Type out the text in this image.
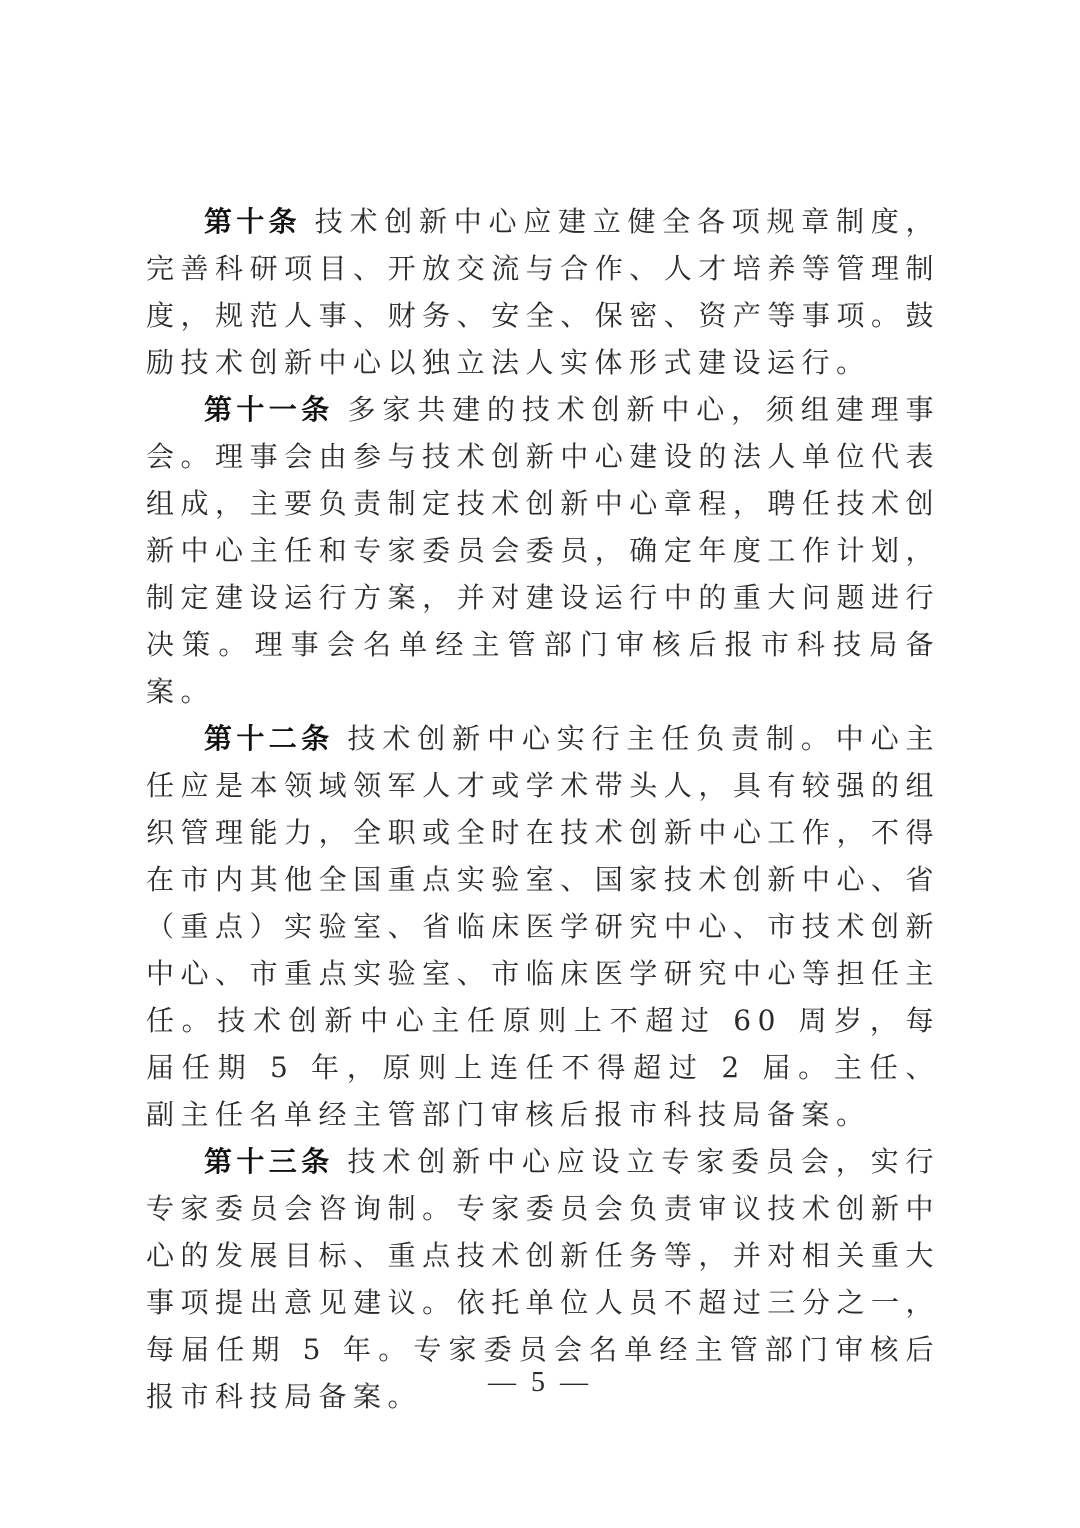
第十条 技术创新中心应建立健全各项规章制度，完善科研项目、开放交流与合作、人才培养等管理制度，规范人事、财务、安全、保密、资产等事项。鼓励技术创新中心以独立法人实体形式建设运行。

第十一条 多家共建的技术创新中心，须组建理事会。理事会由参与技术创新中心建设的法人单位代表组成，主要负责制定技术创新中心章程，聘任技术创新中心主任和专家委员会委员，确定年度工作计划，制定建设运行方案，并对建设运行中的重大问题进行决策。理事会名单经主管部门审核后报市科技局备案。

第十二条 技术创新中心实行主任负责制。中心主任应是本领域领军人才或学术带头人，具有较强的组织管理能力，全职或全时在技术创新中心工作，不得在市内其他全国重点实验室、国家技术创新中心、省（重点）实验室、省临床医学研究中心、市技术创新中心、市重点实验室、市临床医学研究中心等担任主任。技术创新中心主任原则上不超过 60 周岁，每届任期 5 年，原则上连任不得超过 2 届。主任、副主任名单经主管部门审核后报市科技局备案。

第十三条 技术创新中心应设立专家委员会，实行专家委员会咨询制。专家委员会负责审议技术创新中心的发展目标、重点技术创新任务等，并对相关重大事项提出意见建议。依托单位人员不超过三分之一，每届任期 5 年。专家委员会名单经主管部门审核后报市科技局备案。	— 5 —
